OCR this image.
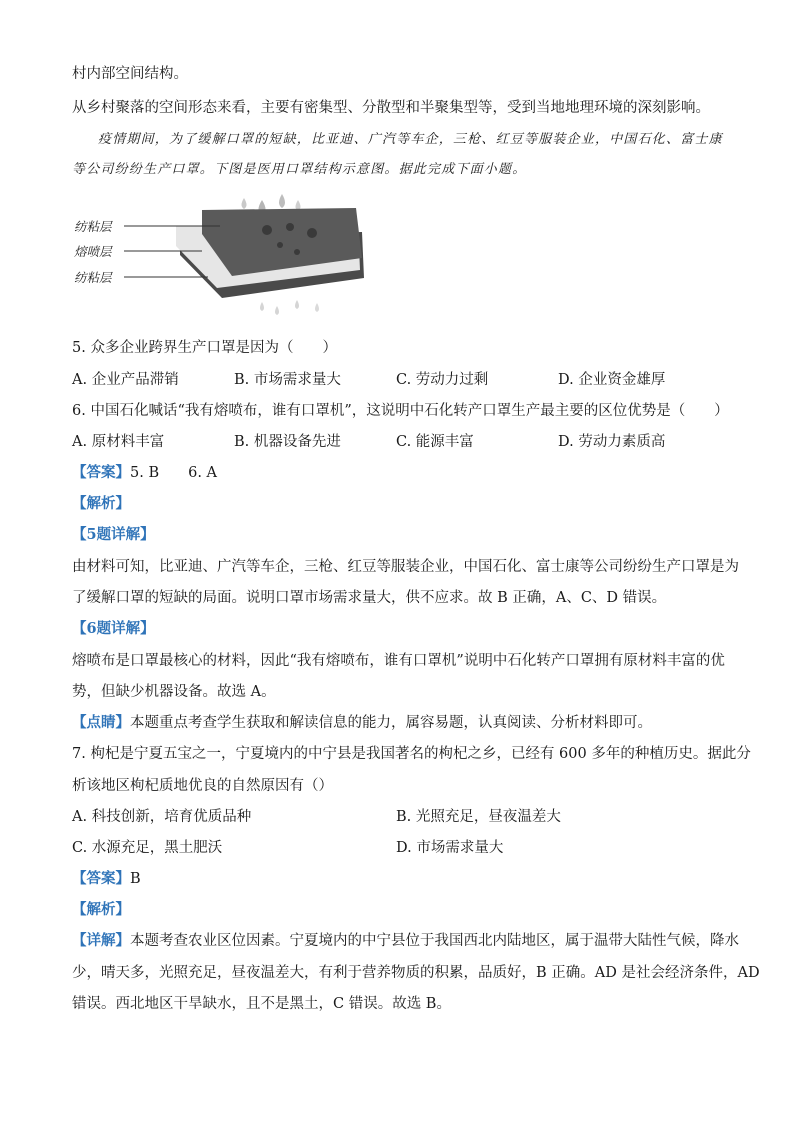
村内部空间结构。
从乡村聚落的空间形态来看，主要有密集型、分散型和半聚集型等，受到当地地理环境的深刻影响。
疫情期间，为了缓解口罩的短缺，比亚迪、广汽等车企，三枪、红豆等服装企业，中国石化、富士康
等公司纷纷生产口罩。下图是医用口罩结构示意图。据此完成下面小题。
纺粘层
熔喷层
纺粘层
5. 众多企业跨界生产口罩是因为（　　）
A. 企业产品滞销	B. 市场需求量大	C. 劳动力过剩	D. 企业资金雄厚
6. 中国石化喊话“我有熔喷布，谁有口罩机”，这说明中石化转产口罩生产最主要的区位优势是（　　）
A. 原材料丰富	B. 机器设备先进	C. 能源丰富	D. 劳动力素质高
【答案】5. B　　6. A
【解析】
【5题详解】
由材料可知，比亚迪、广汽等车企，三枪、红豆等服装企业，中国石化、富士康等公司纷纷生产口罩是为
了缓解口罩的短缺的局面。说明口罩市场需求量大，供不应求。故 B 正确，A、C、D 错误。
【6题详解】
熔喷布是口罩最核心的材料，因此“我有熔喷布，谁有口罩机”说明中石化转产口罩拥有原材料丰富的优
势，但缺少机器设备。故选 A。
【点睛】本题重点考查学生获取和解读信息的能力，属容易题，认真阅读、分析材料即可。
7. 枸杞是宁夏五宝之一，宁夏境内的中宁县是我国著名的枸杞之乡，已经有 600 多年的种植历史。据此分
析该地区枸杞质地优良的自然原因有（）
A. 科技创新，培育优质品种	B. 光照充足，昼夜温差大
C. 水源充足，黑土肥沃	D. 市场需求量大
【答案】B
【解析】
【详解】本题考查农业区位因素。宁夏境内的中宁县位于我国西北内陆地区，属于温带大陆性气候，降水
少，晴天多，光照充足，昼夜温差大，有利于营养物质的积累，品质好，B 正确。AD 是社会经济条件，AD
错误。西北地区干旱缺水，且不是黑土，C 错误。故选 B。
